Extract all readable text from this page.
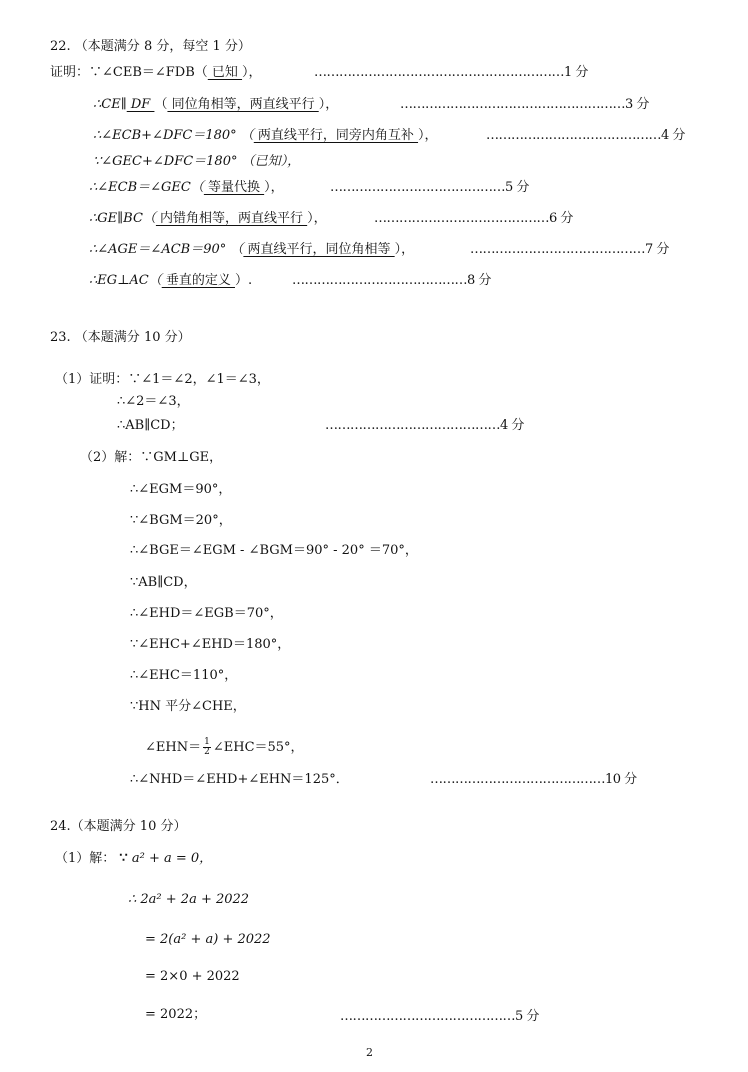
22. （本题满分 8 分，每空 1 分）
证明：∵∠CEB＝∠FDB（ 已知 ），	……………………………………………………1 分
∴CE∥ DF （ 同位角相等，两直线平行 ），	………………………………………………3 分
∴∠ECB+∠DFC＝180° （ 两直线平行，同旁内角互补 ），	……………………………………4 分
∵∠GEC+∠DFC＝180° （已知），
∴∠ECB＝∠GEC（ 等量代换 ），	……………………………………5 分
∴GE∥BC（ 内错角相等，两直线平行 ），	……………………………………6 分
∴∠AGE＝∠ACB＝90° （ 两直线平行，同位角相等 ），	……………………………………7 分
∴EG⊥AC（ 垂直的定义 ）.	……………………………………8 分
23. （本题满分 10 分）
（1）证明：∵∠1＝∠2，∠1＝∠3，
∴∠2＝∠3，
∴AB∥CD；	……………………………………4 分
（2）解：∵GM⊥GE，
∴∠EGM＝90°，
∵∠BGM＝20°，
∴∠BGE＝∠EGM - ∠BGM＝90° - 20° ＝70°，
∵AB∥CD，
∴∠EHD＝∠EGB＝70°，
∵∠EHC+∠EHD＝180°，
∴∠EHC＝110°，
∵HN 平分∠CHE，
∠EHN＝ $\frac{1}{2}$ ∠EHC＝55°，
∴∠NHD＝∠EHD+∠EHN＝125°．	……………………………………10 分
24.（本题满分 10 分）
（1）解： ∵ a² + a = 0，
∴ 2a² + 2a + 2022
= 2(a² + a) + 2022
= 2×0 + 2022
= 2022；	……………………………………5 分
2
